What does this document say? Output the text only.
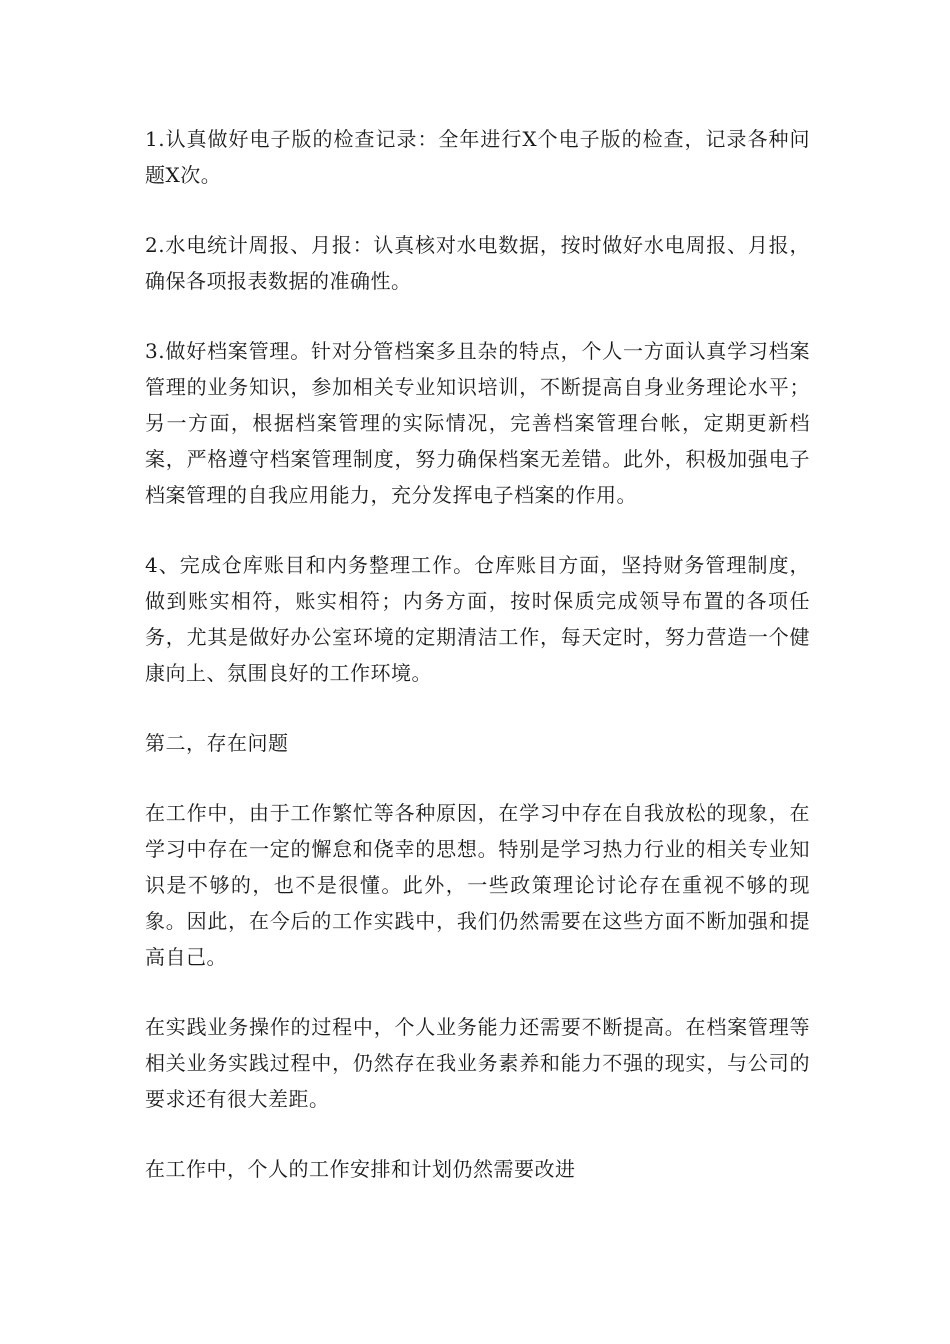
1.认真做好电子版的检查记录：全年进行X个电子版的检查，记录各种问题X次。

2.水电统计周报、月报：认真核对水电数据，按时做好水电周报、月报，确保各项报表数据的准确性。

3.做好档案管理。针对分管档案多且杂的特点，个人一方面认真学习档案管理的业务知识，参加相关专业知识培训，不断提高自身业务理论水平；另一方面，根据档案管理的实际情况，完善档案管理台帐，定期更新档案，严格遵守档案管理制度，努力确保档案无差错。此外，积极加强电子档案管理的自我应用能力，充分发挥电子档案的作用。

4、完成仓库账目和内务整理工作。仓库账目方面，坚持财务管理制度，做到账实相符，账实相符；内务方面，按时保质完成领导布置的各项任务，尤其是做好办公室环境的定期清洁工作，每天定时，努力营造一个健康向上、氛围良好的工作环境。

第二，存在问题

在工作中，由于工作繁忙等各种原因，在学习中存在自我放松的现象，在学习中存在一定的懈怠和侥幸的思想。特别是学习热力行业的相关专业知识是不够的，也不是很懂。此外，一些政策理论讨论存在重视不够的现象。因此，在今后的工作实践中，我们仍然需要在这些方面不断加强和提高自己。

在实践业务操作的过程中，个人业务能力还需要不断提高。在档案管理等相关业务实践过程中，仍然存在我业务素养和能力不强的现实，与公司的要求还有很大差距。

在工作中，个人的工作安排和计划仍然需要改进
